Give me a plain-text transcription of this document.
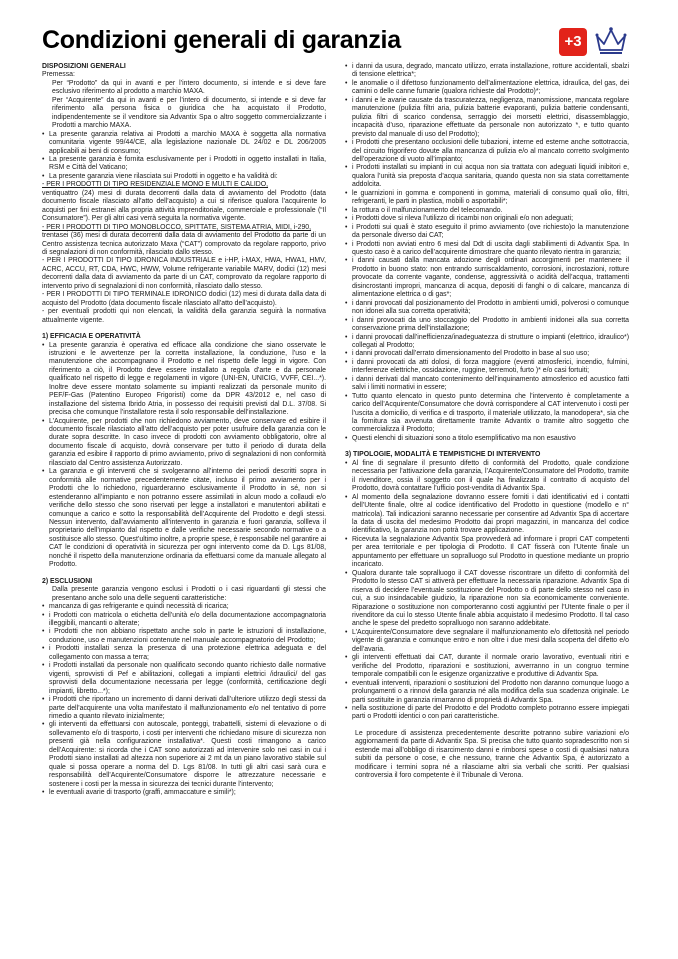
Condizioni generali di garanzia	+3

DISPOSIZIONI GENERALI

Premessa:

Per “Prodotto” da qui in avanti e per l’intero documento, si intende e si deve fare esclusivo riferimento al prodotto a marchio MAXA.

Per “Acquirente” da qui in avanti e per l’intero di documento, si intende e si deve far riferimento alla persona fisica o giuridica che ha acquistato il Prodotto, indipendentemente se il venditore sia Advantix Spa o altro soggetto commercializzante i Prodotti a marchio MAXA.

• La presente garanzia relativa ai Prodotti a marchio MAXA è soggetta alla normativa comunitaria vigente 99/44/CE, alla legislazione nazionale DL 24/02 e DL 206/2005 applicabili ai beni di consumo;

• La presente garanzia è fornita esclusivamente per i Prodotti in oggetto installati in Italia, RSM e Città del Vaticano;

• La presente garanzia viene rilasciata sui Prodotti in oggetto e ha validità di:

- PER I PRODOTTI DI TIPO RESIDENZIALE MONO E MULTI E CALIDO,

ventiquattro (24) mesi di durata decorrenti dalla data di avviamento del Prodotto (data documento fiscale rilasciato all’atto dell’acquisto) a cui si riferisce qualora l’acquirente lo acquisti per fini estranei alla propria attività imprenditoriale, commerciale e professionale (“Il Consumatore”). Per gli altri casi verrà seguita la normativa vigente.

- PER I PRODOTTI DI TIPO MONOBLOCCO, SPITTATE, SISTEMA ATRIA, MIDI, i-290,

trentasei (36) mesi di durata decorrenti dalla data di avviamento del Prodotto da parte di un Centro assistenza tecnica autorizzato Maxa (“CAT”) comprovato da regolare rapporto, privo di segnalazioni di non conformità, rilasciato dallo stesso.

- PER I PRODOTTI DI TIPO IDRONICA INDUSTRIALE e i-HP, i-MAX, HWA, HWA1, HMV, ACRC, ACCU, RT, CDA, HWC, HWW, Volume refrigerante variabile MARV, dodici (12) mesi decorrenti dalla data di avviamento da parte di un CAT, comprovato da regolare rapporto di intervento privo di segnalazioni di non conformità, rilasciato dallo stesso.

- PER I PRODOTTI DI TIPO TERMINALE IDRONICO dodici (12) mesi di durata dalla data di acquisto del Prodotto (data documento fiscale rilasciato all’atto dell’acquisto).

- per eventuali prodotti qui non elencati, la validità della garanzia seguirà la normativa attualmente vigente.

1) EFFICACIA E OPERATIVITÀ

• La presente garanzia è operativa ed efficace alla condizione che siano osservate le istruzioni e le avvertenze per la corretta installazione, la conduzione, l’uso e la manutenzione che accompagnano il Prodotto e nel rispetto delle leggi in vigore. Con riferimento a ciò, il Prodotto deve essere installato a regola d’arte e da personale qualificato nel rispetto di legge e regolamenti in vigore (UNI-EN, UNICIG, VVFF, CEI...*). Inoltre deve essere montato solamente su impianti realizzati da personale munito di PEF/F-Gas (Patentino Europeo Frigoristi) come da DPR 43/2012 e, nel caso di installazione del sistema Ibrido Atria, in possesso dei requisiti previsti dal D.L. 37/08. Si precisa che comunque l’installatore resta il solo responsabile dell’installazione.

• L’Acquirente, per prodotti che non richiedono avviamento, deve conservare ed esibire il documento fiscale rilasciato all’atto dell’acquisto per poter usufruire della garanzia con le durate sopra descritte. In caso invece di prodotti con avviamento obbligatorio, oltre al documento fiscale di acquisto, dovrà conservare per tutto il periodo di durata della garanzia ed esibire il rapporto di primo avviamento, privo di segnalazioni di non conformità rilasciato dal Centro assistenza Autorizzato.

• La garanzia e gli interventi che si svolgeranno all’interno dei periodi descritti sopra in conformità alle normative precedentemente citate, incluso il primo avviamento per i Prodotti che lo richiedono, riguarderanno esclusivamente il Prodotto in sé, non si estenderanno all’impianto e non potranno essere assimilati in alcun modo a collaudi e/o verifiche dello stesso che sono riservati per legge a installatori e manutentori abilitati e comunque a carico e sotto la responsabilità dell’Acquirente del Prodotto e degli stessi. Nessun intervento, dall’avviamento all’intervento in garanzia e fuori garanzia, sollleva il proprietario dell’impianto dal rispetto e dalle verifiche necessarie secondo normative o a sostituisce allo stesso. Quest’ultimo inoltre, a proprie spese, è responsabile nel garantire ai CAT le condizioni di operatività in sicurezza per ogni intervento come da D. Lgs 81/08, nonché il rispetto della manutenzione ordinaria da effettuarsi come da manuale allegato al Prodotto.

2) ESCLUSIONI

Dalla presente garanzia vengono esclusi i Prodotti o i casi riguardanti gli stessi che presentano anche solo una delle seguenti caratteristiche:

• mancanza di gas refrigerante e quindi necessità di ricarica;

• i Prodotti con matricola o etichetta dell’unità e/o della documentazione accompagnatoria illeggibili, mancanti o alterate;

• i Prodotti che non abbiano rispettato anche solo in parte le istruzioni di installazione, conduzione, uso e manutenzioni contenute nel manuale accompagnatorio del Prodotto;

• i Prodotti installati senza la presenza di una protezione elettrica adeguata e del collegamento con massa a terra;

• i Prodotti installati da personale non qualificato secondo quanto richiesto dalle normative vigenti, sprovvisti di Pef e abilitazioni, collegati a impianti elettrici /idraulici/ del gas sprovvisti della documentazione necessaria per legge (conformità, certificazione degli impianti, libretto...*);

• i Prodotti che riportano un incremento di danni derivati dall’ulteriore utilizzo degli stessi da parte dell’acquirente una volta manifestato il malfunzionamento e/o nel tentativo di porre rimedio a quanto rilevato inizialmente;

• gli interventi da effettuarsi con autoscale, ponteggi, trabattelli, sistemi di elevazione o di sollevamento e/o di trasporto, i costi per interventi che richiedano misure di sicurezza non presenti già nella configurazione installativa*. Questi costi rimangono a carico dell’Acquirente: si ricorda che i CAT sono autorizzati ad intervenire solo nei casi in cui i Prodotti siano installati ad altezza non superiore ai 2 mt da un piano lavorativo stabile sul quale si possa operare a norma del D. Lgs 81/08. In tutti gli altri casi sarà cura e responsabilità dell’Acquirente/Consumatore disporre le attrezzature necessarie e sostenere i costi per la messa in sicurezza dei tecnici durante l’intervento;

• le eventuali avarie di trasporto (graffi, ammaccature e simili*);

• i danni da usura, degrado, mancato utilizzo, errata installazione, rotture accidentali, sbalzi di tensione elettrica*;

• le anomalie o il difettoso funzionamento dell’alimentazione elettrica, idraulica, del gas, dei camini o delle canne fumarie (qualora richieste dal Prodotto)*;

• i danni e le avarie causate da trascuratezza, negligenza, manomissione, mancata regolare manutenzione (pulizia filtri aria, pulizia batterie evaporanti, pulizia batterie condensanti, pulizia filtri di scarico condensa, serraggio dei morsetti elettrici, disassemblaggio, incapacità d’uso, riparazione effettuate da personale non autorizzato *, e tutto quanto previsto dal manuale di uso del Prodotto);

• i Prodotti che presentano occlusioni delle tubazioni, interne ed esterne anche sottotraccia, del circuito frigorifero dovute alla mancanza di pulizia e/o al mancato corretto svolgimento dell’operazione di vuoto all’impianto;

• i Prodotti installati su impianti in cui acqua non sia trattata con adeguati liquidi inibitori e, qualora l’unità sia preposta d’acqua sanitaria, quando questa non sia stata correttamente addolcita.

• le guarnizioni in gomma e componenti in gomma, materiali di consumo quali olio, filtri, refrigeranti, le parti in plastica, mobili o asportabili*;

• la rottura o il malfunzionamento del telecomando.

• i Prodotti dove si rileva l’utilizzo di ricambi non originali e/o non adeguati;

• i Prodotti sui quali è stato eseguito il primo avviamento (ove richiesto)o la manutenzione da personale diverso dai CAT;

• i Prodotti non avviati entro 6 mesi dal Ddt di uscita dagli stabilimenti di Advantix Spa. In questo caso è a carico dell’acquirente dimostrare che quanto rilevato rientra in garanzia;

• i danni causati dalla mancata adozione degli ordinari accorgimenti per mantenere il Prodotto in buono stato: non entrando surriscaldamento, corrosioni, incrostazioni, rotture provocate da corrente vagante, condense, aggressività o acidità dell’acqua, trattamenti disincrostanti impropri, mancanza di acqua, depositi di fanghi o di calcare, mancanza di alimentazione elettrica o di gas*;

• i danni provocati dal posizionamento del Prodotto in ambienti umidi, polverosi o comunque non idonei alla sua corretta operatività;

• i danni provocati da uno stoccaggio del Prodotto in ambienti inidonei alla sua corretta conservazione prima dell’installazione;

• i danni provocati dall’inefficienza/inadeguatezza di strutture o impianti (elettrico, idraulico*) collegati al Prodotto;

• i danni provocati dall’errato dimensionamento del Prodotto in base al suo uso;

• i danni provocati da atti dolosi, di forza maggiore (eventi atmosferici, incendio, fulmini, interferenze elettriche, ossidazione, ruggine, terremoti, furto )* e/o casi fortuiti;

• i danni derivati dal mancato contenimento dell’inquinamento atmosferico ed acustico fatti salvi i limiti normativi in essere;

• Tutto quanto elencato in questo punto determina che l’intervento è completamente a carico dell’Acquirente/Consumatore che dovrà corrispondere al CAT intervenuto i costi per l’uscita a domicilio, di verifica e di trasporto, il materiale utilizzato, la manodopera*, sia che la fornitura sia avvenuta direttamente tramite Advantix o tramite altro soggetto che commercializza il Prodotto;

• Questi elenchi di situazioni sono a titolo esemplificativo ma non esaustivo

3) TIPOLOGIE, MODALITÀ E TEMPISTICHE DI INTERVENTO

• Al fine di segnalare il presunto difetto di conformità del Prodotto, quale condizione necessaria per l’attivazione della garanzia, l’Acquirente/Consumatore del Prodotto, tramite il rivenditore, ossia il soggetto con il quale ha finalizzato il contratto di acquisto del Prodotto, dovrà contattare l’ufficio post-vendita di Advantix Spa.

• Al momento della segnalazione dovranno essere forniti i dati identificativi ed i contatti dell’Utente finale, oltre al codice identificativo del Prodotto in questione (modello e n° matricola). Tali indicazioni saranno necessarie per consentire ad Advantix Spa di accertare la data di uscita del medesimo Prodotto dai propri magazzini, in mancanza del codice identificativo, la garanzia non potrà trovare applicazione.

• Ricevuta la segnalazione Advantix Spa provvederà ad informare i propri CAT competenti per area territoriale e per tipologia di Prodotto. Il CAT fisserà con l’Utente finale un appuntamento per effettuare un sopralluogo sul Prodotto in questione mediante un proprio incaricato.

• Qualora durante tale sopralluogo il CAT dovesse riscontrare un difetto di conformità del Prodotto lo stesso CAT si attiverà per effettuare la necessaria riparazione. Advantix Spa di riserva di decidere l’eventuale sostituzione del Prodotto o di parte dello stesso nel caso in cui, a suo insindacabile giudizio, la riparazione non sia economicamente conveniente. Riparazione o sostituzione non comporteranno costi aggiuntivi per l’Utente finale o per il rivenditore da cui lo stesso Utente finale abbia acquistato il medesimo Prodotto. Il tal caso anche le spese del predetto sopralluogo non saranno addebitate.

• L’Acquirente/Consumatore deve segnalare il malfunzionamento e/o difettosità nel periodo vigente di garanzia e comunque entro e non oltre i due mesi dalla scoperta del difetto e/o dell’avaria.

• gli interventi effettuati dai CAT, durante il normale orario lavorativo, eventuali ritiri e verifiche del Prodotto, riparazioni e sostituzioni, avverranno in un congruo termine temporale compatibili con le esigenze organizzative e produttive di Advantix Spa.

• eventuali interventi, riparazioni o sostituzioni del Prodotto non daranno comunque luogo a prolungamenti o a rinnovi della garanzia né alla modifica della sua scadenza originale. Le parti sostituite in garanzia rimarranno di proprietà di Advantix Spa.

• nella sostituzione di parte del Prodotto e del Prodotto completo potranno essere impiegati parti o Prodotti identici o con pari caratteristiche.

Le procedure di assistenza precedentemente descritte potranno subire variazioni e/o aggiornamenti da parte di Advantix Spa. Si precisa che tutto quanto sopradescritto non si estende mai all’obbligo di risarcimento danni e rimborsi spese o costi di qualsiasi natura subiti da persone o cose, e che nessuno, tranne che Advantix Spa, è autorizzato a modificare i termini sopra né a rilasciarne altri sia verbali che scritti. Per qualsiasi controversia il foro competente è il Tribunale di Verona.
